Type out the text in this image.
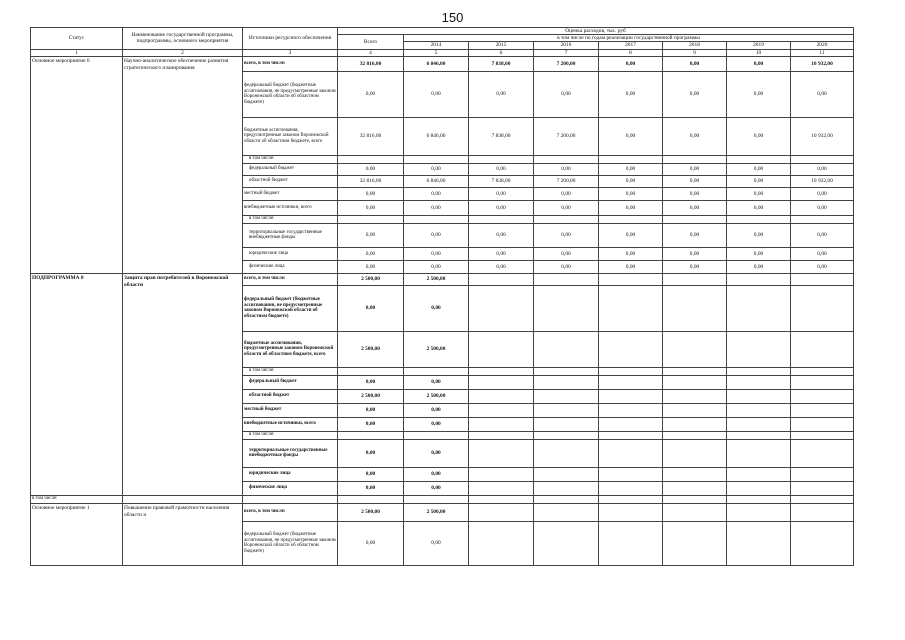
150
Статус	Наименование государственной программы, подпрограммы, основного мероприятия	Источники ресурсного обеспечения	Оценка расходов, тыс. руб							
			Всего	в том числе по годам реализации государственной программы						
				2014	2015	2016	2017	2018	2019	2020
1	2	3	4	5	6	7	8	9	10	11
Основное мероприятие 6	Научно-аналитическое обеспечение развития стратегического планирования	всего, в том числе:	32 816,00	6 846,00	7 838,00	7 200,00	0,00	0,00	0,00	10 932,00
		федеральный бюджет (бюджетные ассигнования, не предусмотренные законом Воронежской области об областном бюджете)	0,00	0,00	0,00	0,00	0,00	0,00	0,00	0,00
		бюджетные ассигнования, предусмотренные законом Воронежской области об областном бюджете, всего	32 816,00	6 846,00	7 838,00	7 200,00	0,00	0,00	0,00	10 932,00
		в том числе:								
		федеральный бюджет	0,00	0,00	0,00	0,00	0,00	0,00	0,00	0,00
		областной бюджет	32 816,00	6 846,00	7 838,00	7 200,00	0,00	0,00	0,00	10 932,00
		местный бюджет	0,00	0,00	0,00	0,00	0,00	0,00	0,00	0,00
		внебюджетные источники, всего	0,00	0,00	0,00	0,00	0,00	0,00	0,00	0,00
		в том числе:								
		территориальные государственные внебюджетные фонды	0,00	0,00	0,00	0,00	0,00	0,00	0,00	0,00
		юридические лица	0,00	0,00	0,00	0,00	0,00	0,00	0,00	0,00
		физические лица	0,00	0,00	0,00	0,00	0,00	0,00	0,00	0,00
ПОДПРОГРАММА 8	Защита прав потребителей в Воронежской области	всего, в том числе:	2 500,00	2 500,00						
		федеральный бюджет (бюджетные ассигнования, не предусмотренные законом Воронежской области об областном бюджете)	0,00	0,00						
		бюджетные ассигнования, предусмотренные законом Воронежской области об областном бюджете, всего	2 500,00	2 500,00						
		в том числе:								
		федеральный бюджет	0,00	0,00						
		областной бюджет	2 500,00	2 500,00						
		местный бюджет	0,00	0,00						
		внебюджетные источники, всего	0,00	0,00						
		в том числе:								
		территориальные государственные внебюджетные фонды	0,00	0,00						
		юридические лица	0,00	0,00						
		физические лица	0,00	0,00						
в том числе:										
Основное мероприятие 1	Повышение правовой грамотности населения области и	всего, в том числе:	2 500,00	2 500,00						
		федеральный бюджет (бюджетные ассигнования, не предусмотренные законом Воронежской области об областном бюджете)	0,00	0,00						
